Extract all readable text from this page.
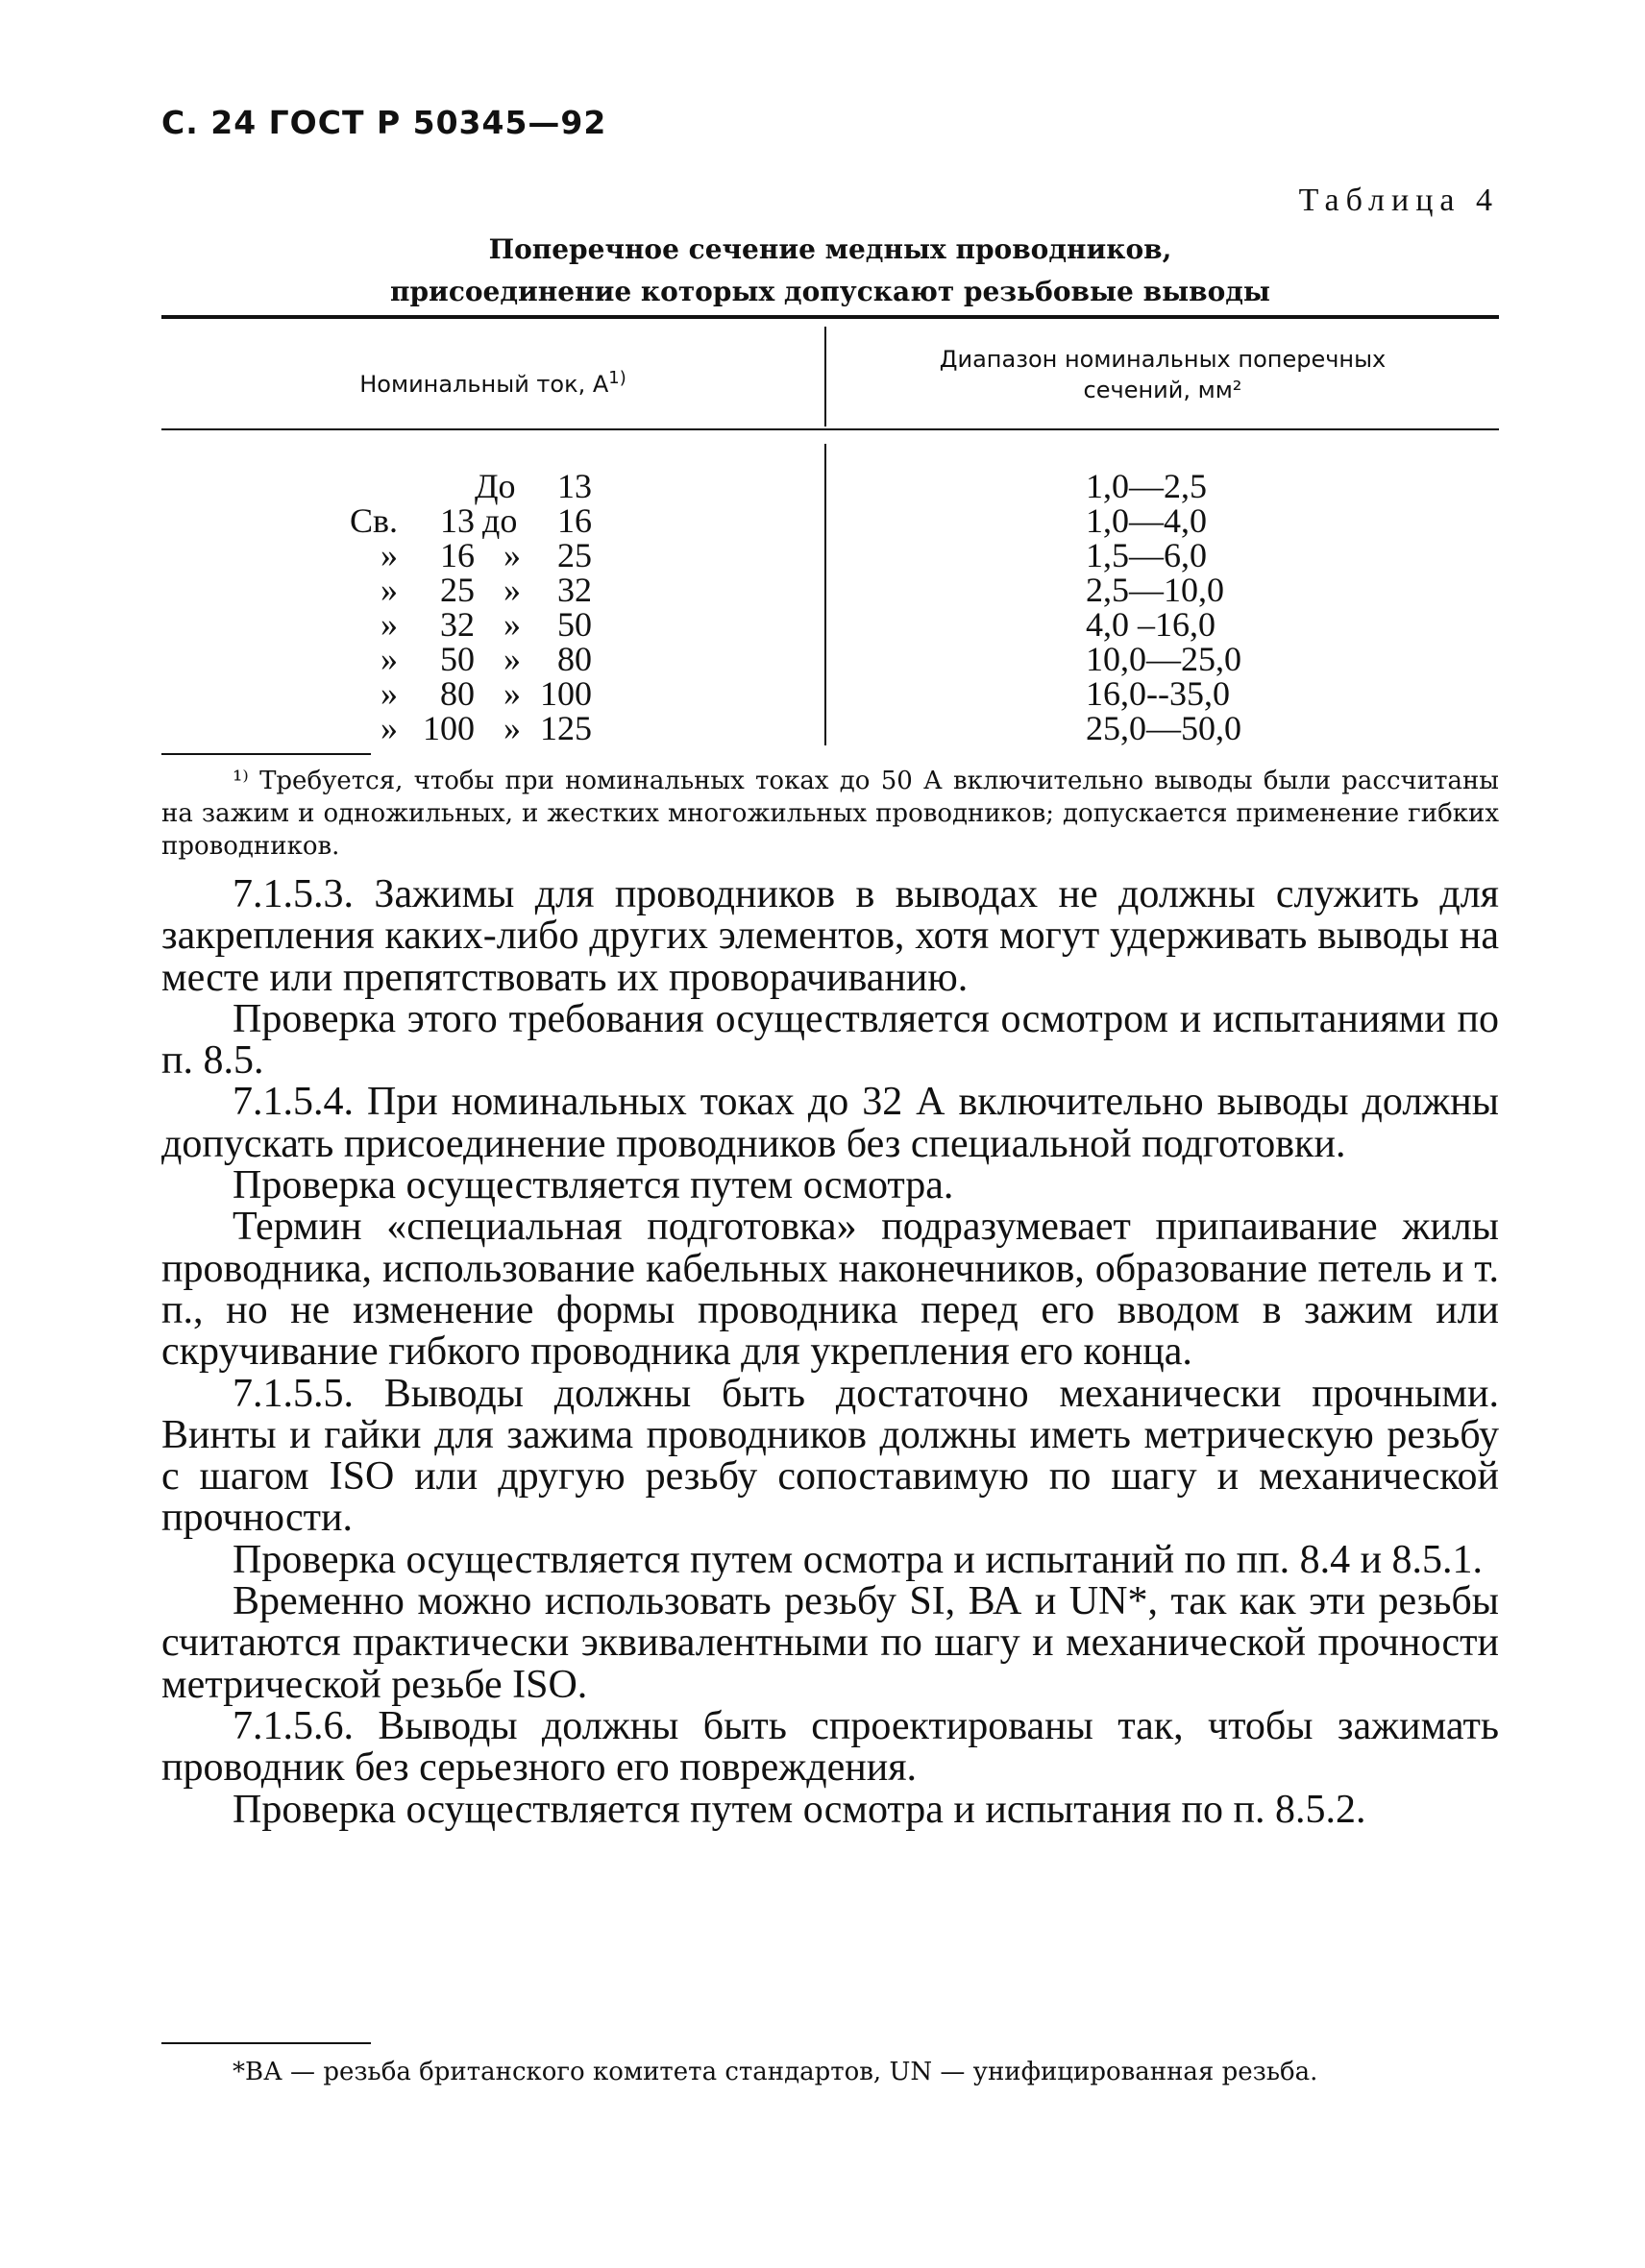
С. 24 ГОСТ Р 50345—92
Таблица 4
Поперечное сечение медных проводников,
присоединение которых допускают резьбовые выводы
Номинальный ток, $А^{1)}$
Диапазон номинальных поперечных
сечений, мм²
До 13
Св. 13 до 16
» 16 » 25
» 25 » 32
» 32 » 50
» 50 » 80
» 80 » 100
» 100 » 125
1,0—2,5
1,0—4,0
1,5—6,0
2,5—10,0
4,0 –16,0
10,0—25,0
16,0--35,0
25,0—50,0

¹⁾ Требуется, чтобы при номинальных токах до 50 А включительно выводы были рассчитаны на зажим и одножильных, и жестких многожильных проводников; допускается применение гибких проводников.

7.1.5.3. Зажимы для проводников в выводах не должны служить для закрепления каких-либо других элементов, хотя могут удерживать выводы на месте или препятствовать их проворачиванию.

Проверка этого требования осуществляется осмотром и испытаниями по п. 8.5.

7.1.5.4. При номинальных токах до 32 А включительно выводы должны допускать присоединение проводников без специальной подготовки.

Проверка осуществляется путем осмотра.

Термин «специальная подготовка» подразумевает припаивание жилы проводника, использование кабельных наконечников, образование петель и т. п., но не изменение формы проводника перед его вводом в зажим или скручивание гибкого проводника для укрепления его конца.

7.1.5.5. Выводы должны быть достаточно механически прочными. Винты и гайки для зажима проводников должны иметь метрическую резьбу с шагом ISO или другую резьбу сопоставимую по шагу и механической прочности.

Проверка осуществляется путем осмотра и испытаний по пп. 8.4 и 8.5.1.

Временно можно использовать резьбу SI, ВА и UN*, так как эти резьбы считаются практически эквивалентными по шагу и механической прочности метрической резьбе ISO.

7.1.5.6. Выводы должны быть спроектированы так, чтобы зажимать проводник без серьезного его повреждения.

Проверка осуществляется путем осмотра и испытания по п. 8.5.2.

*ВА — резьба британского комитета стандартов, UN — унифицированная резьба.
